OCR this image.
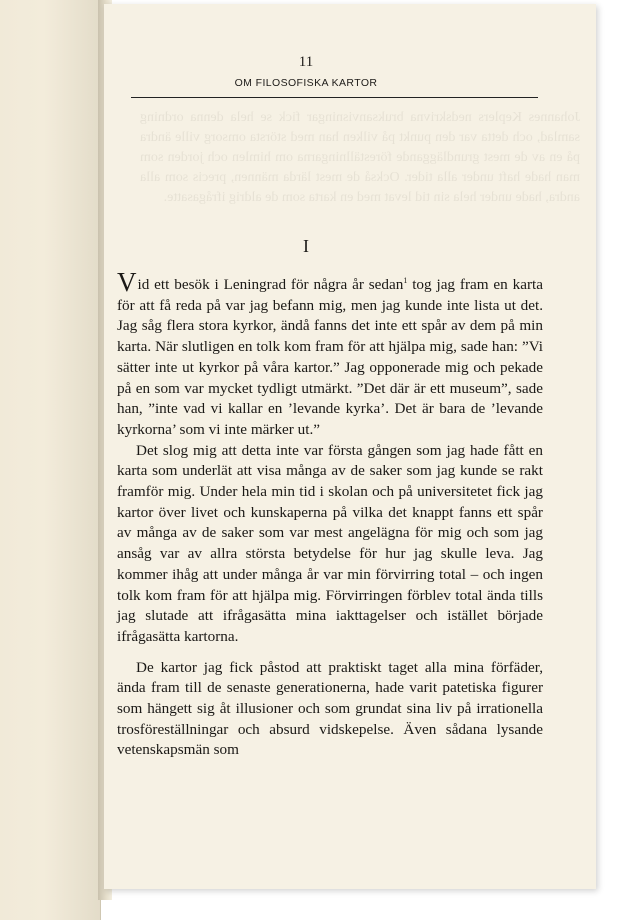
Johannes Keplers nedskrivna bruksanvisningar fick se hela denna ordning samlad, och detta var den punkt på vilken han med största omsorg ville ändra på en av de mest grundläggande föreställningarna om himlen och jorden som man hade haft under alla tider. Också de mest lärda männen, precis som alla andra, hade under hela sin tid levat med en karta som de aldrig ifrågasatte.
11
OM FILOSOFISKA KARTOR
I

Vid ett besök i Leningrad för några år sedan$^1$ tog jag fram en karta för att få reda på var jag befann mig, men jag kunde inte lista ut det. Jag såg flera stora kyrkor, ändå fanns det inte ett spår av dem på min karta. När slutligen en tolk kom fram för att hjälpa mig, sade han: ”Vi sätter inte ut kyrkor på våra kartor.” Jag opponerade mig och pekade på en som var mycket tydligt utmärkt. ”Det där är ett museum”, sade han, ”inte vad vi kallar en ’levande kyrka’. Det är bara de ’levande kyrkorna’ som vi inte märker ut.”

Det slog mig att detta inte var första gången som jag hade fått en karta som underlät att visa många av de saker som jag kunde se rakt framför mig. Under hela min tid i skolan och på universitetet fick jag kartor över livet och kunskaperna på vilka det knappt fanns ett spår av många av de saker som var mest angelägna för mig och som jag ansåg var av allra största betydelse för hur jag skulle leva. Jag kommer ihåg att under många år var min förvirring total – och ingen tolk kom fram för att hjälpa mig. Förvirringen förblev total ända tills jag slutade att ifrågasätta mina iakttagelser och istället började ifrågasätta kartorna.

De kartor jag fick påstod att praktiskt taget alla mina förfäder, ända fram till de senaste generationerna, hade varit patetiska figurer som hängett sig åt illusioner och som grundat sina liv på irrationella trosföreställningar och absurd vidskepelse. Även sådana lysande vetenskapsmän som
